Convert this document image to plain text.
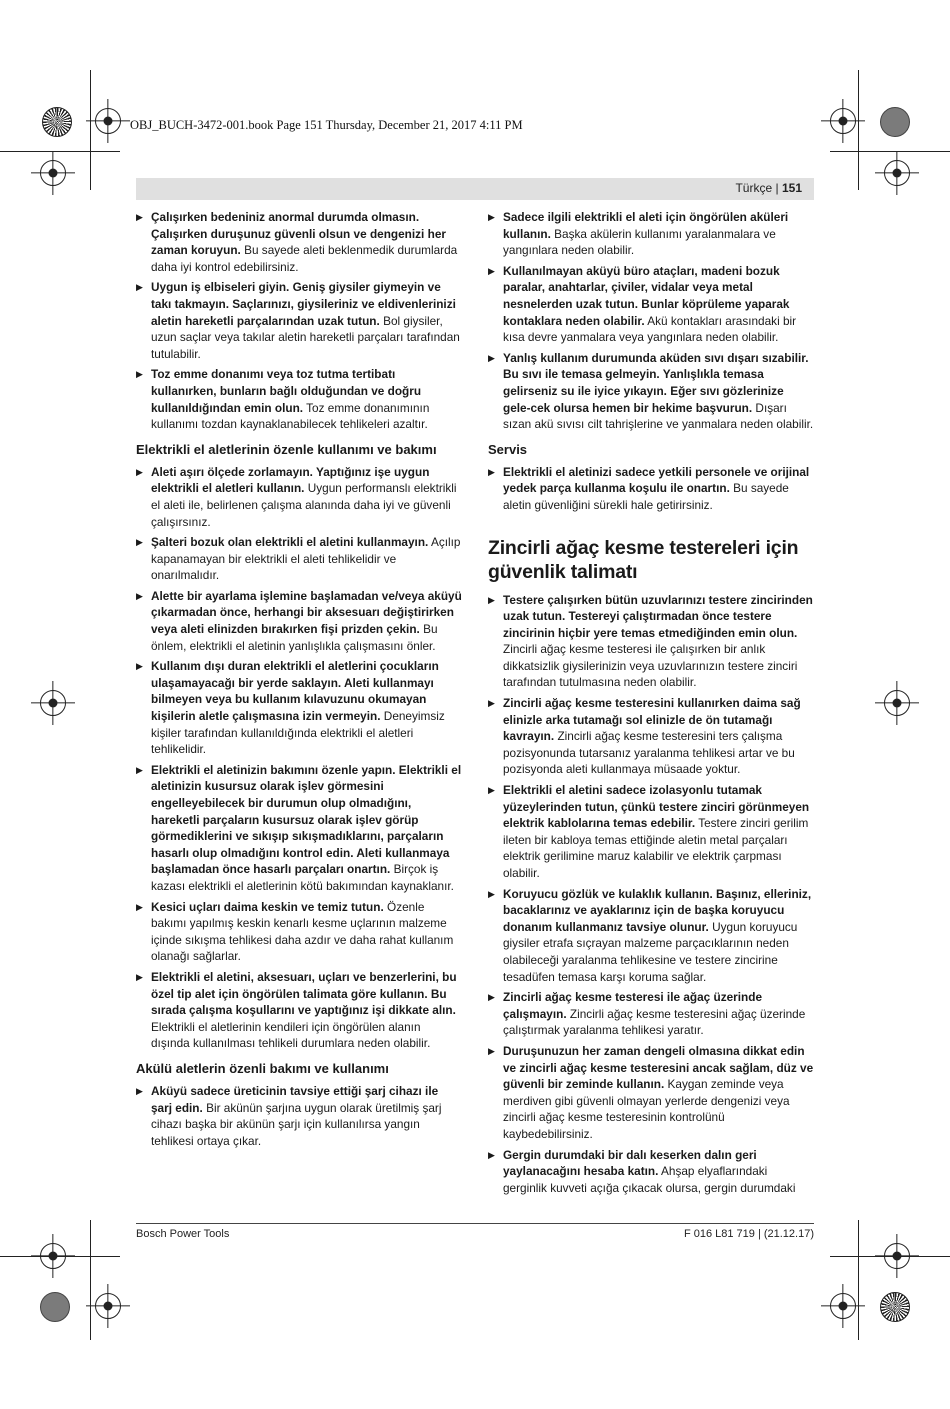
OBJ_BUCH-3472-001.book Page 151 Thursday, December 21, 2017 4:11 PM
Türkçe | 151
▶ Çalışırken bedeniniz anormal durumda olmasın. Çalışırken duruşunuz güvenli olsun ve dengenizi her zaman koruyun. Bu sayede aleti beklenmedik durumlarda daha iyi kontrol edebilirsiniz.
▶ Uygun iş elbiseleri giyin. Geniş giysiler giymeyin ve takı takmayın. Saçlarınızı, giysileriniz ve eldivenlerinizi aletin hareketli parçalarından uzak tutun. Bol giysiler, uzun saçlar veya takılar aletin hareketli parçaları tarafından tutulabilir.
▶ Toz emme donanımı veya toz tutma tertibatı kullanırken, bunların bağlı olduğundan ve doğru kullanıldığından emin olun. Toz emme donanımının kullanımı tozdan kaynaklanabilecek tehlikeleri azaltır.
Elektrikli el aletlerinin özenle kullanımı ve bakımı
▶ Aleti aşırı ölçede zorlamayın. Yaptığınız işe uygun elektrikli el aletleri kullanın. Uygun performanslı elektrikli el aleti ile, belirlenen çalışma alanında daha iyi ve güvenli çalışırsınız.
▶ Şalteri bozuk olan elektrikli el aletini kullanmayın. Açılıp kapanamayan bir elektrikli el aleti tehlikelidir ve onarılmalıdır.
▶ Alette bir ayarlama işlemine başlamadan ve/veya aküyü çıkarmadan önce, herhangi bir aksesuarı değiştirirken veya aleti elinizden bırakırken fişi prizden çekin. Bu önlem, elektrikli el aletinin yanlışlıkla çalışmasını önler.
▶ Kullanım dışı duran elektrikli el aletlerini çocukların ulaşamayacağı bir yerde saklayın. Aleti kullanmayı bilmeyen veya bu kullanım kılavuzunu okumayan kişilerin aletle çalışmasına izin vermeyin. Deneyimsiz kişiler tarafından kullanıldığında elektrikli el aletleri tehlikelidir.
▶ Elektrikli el aletinizin bakımını özenle yapın. Elektrikli el aletinizin kusursuz olarak işlev görmesini engelleyebilecek bir durumun olup olmadığını, hareketli parçaların kusursuz olarak işlev görüp görmediklerini ve sıkışıp sıkışmadıklarını, parçaların hasarlı olup olmadığını kontrol edin. Aleti kullanmaya başlamadan önce hasarlı parçaları onartın. Birçok iş kazası elektrikli el aletlerinin kötü bakımından kaynaklanır.
▶ Kesici uçları daima keskin ve temiz tutun. Özenle bakımı yapılmış keskin kenarlı kesme uçlarının malzeme içinde sıkışma tehlikesi daha azdır ve daha rahat kullanım olanağı sağlarlar.
▶ Elektrikli el aletini, aksesuarı, uçları ve benzerlerini, bu özel tip alet için öngörülen talimata göre kullanın. Bu sırada çalışma koşullarını ve yaptığınız işi dikkate alın. Elektrikli el aletlerinin kendileri için öngörülen alanın dışında kullanılması tehlikeli durumlara neden olabilir.
Akülü aletlerin özenli bakımı ve kullanımı
▶ Aküyü sadece üreticinin tavsiye ettiği şarj cihazı ile şarj edin. Bir akünün şarjına uygun olarak üretilmiş şarj cihazı başka bir akünün şarjı için kullanılırsa yangın tehlikesi ortaya çıkar.
▶ Sadece ilgili elektrikli el aleti için öngörülen aküleri kullanın. Başka akülerin kullanımı yaralanmalara ve yangınlara neden olabilir.
▶ Kullanılmayan aküyü büro ataçları, madeni bozuk paralar, anahtarlar, çiviler, vidalar veya metal nesnelerden uzak tutun. Bunlar köprüleme yaparak kontaklara neden olabilir. Akü kontakları arasındaki bir kısa devre yanmalara veya yangınlara neden olabilir.
▶ Yanlış kullanım durumunda aküden sıvı dışarı sızabilir. Bu sıvı ile temasa gelmeyin. Yanlışlıkla temasa gelirseniz su ile iyice yıkayın. Eğer sıvı gözlerinize gele-cek olursa hemen bir hekime başvurun. Dışarı sızan akü sıvısı cilt tahrişlerine ve yanmalara neden olabilir.
Servis
▶ Elektrikli el aletinizi sadece yetkili personele ve orijinal yedek parça kullanma koşulu ile onartın. Bu sayede aletin güvenliğini sürekli hale getirirsiniz.
Zincirli ağaç kesme testereleri için güvenlik talimatı
▶ Testere çalışırken bütün uzuvlarınızı testere zincirinden uzak tutun. Testereyi çalıştırmadan önce testere zincirinin hiçbir yere temas etmediğinden emin olun. Zincirli ağaç kesme testeresi ile çalışırken bir anlık dikkatsizlik giysilerinizin veya uzuvlarınızın testere zinciri tarafından tutulmasına neden olabilir.
▶ Zincirli ağaç kesme testeresini kullanırken daima sağ elinizle arka tutamağı sol elinizle de ön tutamağı kavrayın. Zincirli ağaç kesme testeresini ters çalışma pozisyonunda tutarsanız yaralanma tehlikesi artar ve bu pozisyonda aleti kullanmaya müsaade yoktur.
▶ Elektrikli el aletini sadece izolasyonlu tutamak yüzeylerinden tutun, çünkü testere zinciri görünmeyen elektrik kablolarına temas edebilir. Testere zinciri gerilim ileten bir kabloya temas ettiğinde aletin metal parçaları elektrik gerilimine maruz kalabilir ve elektrik çarpması olabilir.
▶ Koruyucu gözlük ve kulaklık kullanın. Başınız, elleriniz, bacaklarınız ve ayaklarınız için de başka koruyucu donanım kullanmanız tavsiye olunur. Uygun koruyucu giysiler etrafa sıçrayan malzeme parçacıklarının neden olabileceği yaralanma tehlikesine ve testere zincirine tesadüfen temasa karşı koruma sağlar.
▶ Zincirli ağaç kesme testeresi ile ağaç üzerinde çalışmayın. Zincirli ağaç kesme testeresini ağaç üzerinde çalıştırmak yaralanma tehlikesi yaratır.
▶ Duruşunuzun her zaman dengeli olmasına dikkat edin ve zincirli ağaç kesme testeresini ancak sağlam, düz ve güvenli bir zeminde kullanın. Kaygan zeminde veya merdiven gibi güvenli olmayan yerlerde dengenizi veya zincirli ağaç kesme testeresinin kontrolünü kaybedebilirsiniz.
▶ Gergin durumdaki bir dalı keserken dalın geri yaylanacağını hesaba katın. Ahşap elyaflarındaki gerginlik kuvveti açığa çıkacak olursa, gergin durumdaki
Bosch Power Tools	F 016 L81 719 | (21.12.17)
